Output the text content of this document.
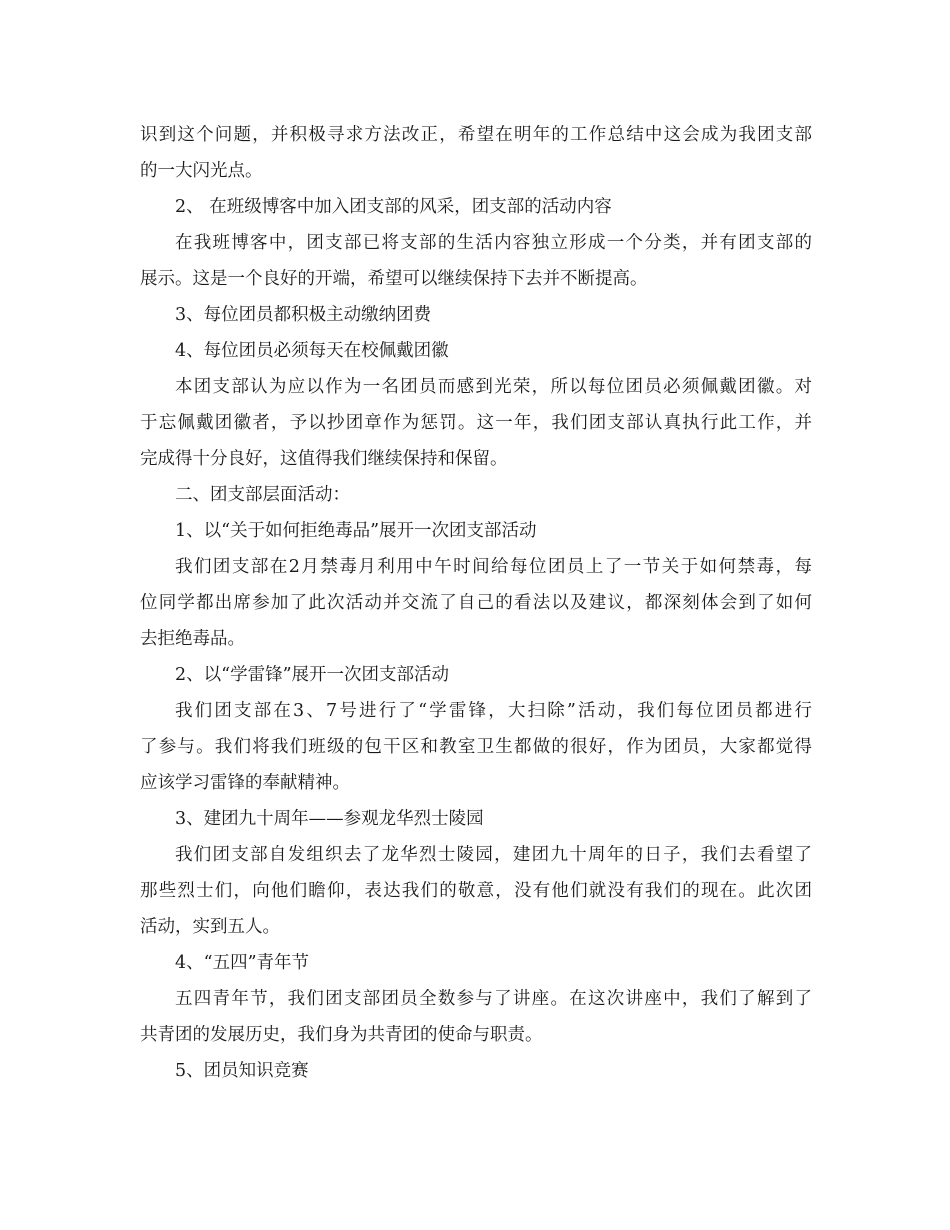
识到这个问题，并积极寻求方法改正，希望在明年的工作总结中这会成为我团支部
的一大闪光点。
2、 在班级博客中加入团支部的风采，团支部的活动内容
在我班博客中，团支部已将支部的生活内容独立形成一个分类，并有团支部的
展示。这是一个良好的开端，希望可以继续保持下去并不断提高。
3、每位团员都积极主动缴纳团费
4、每位团员必须每天在校佩戴团徽
本团支部认为应以作为一名团员而感到光荣，所以每位团员必须佩戴团徽。对
于忘佩戴团徽者，予以抄团章作为惩罚。这一年，我们团支部认真执行此工作，并
完成得十分良好，这值得我们继续保持和保留。
二、团支部层面活动：
1、以“关于如何拒绝毒品”展开一次团支部活动
我们团支部在2月禁毒月利用中午时间给每位团员上了一节关于如何禁毒，每
位同学都出席参加了此次活动并交流了自己的看法以及建议，都深刻体会到了如何
去拒绝毒品。
2、以“学雷锋”展开一次团支部活动
我们团支部在3、7号进行了“学雷锋，大扫除”活动，我们每位团员都进行
了参与。我们将我们班级的包干区和教室卫生都做的很好，作为团员，大家都觉得
应该学习雷锋的奉献精神。
3、建团九十周年——参观龙华烈士陵园
我们团支部自发组织去了龙华烈士陵园，建团九十周年的日子，我们去看望了
那些烈士们，向他们瞻仰，表达我们的敬意，没有他们就没有我们的现在。此次团
活动，实到五人。
4、“五四”青年节
五四青年节，我们团支部团员全数参与了讲座。在这次讲座中，我们了解到了
共青团的发展历史，我们身为共青团的使命与职责。
5、团员知识竞赛
